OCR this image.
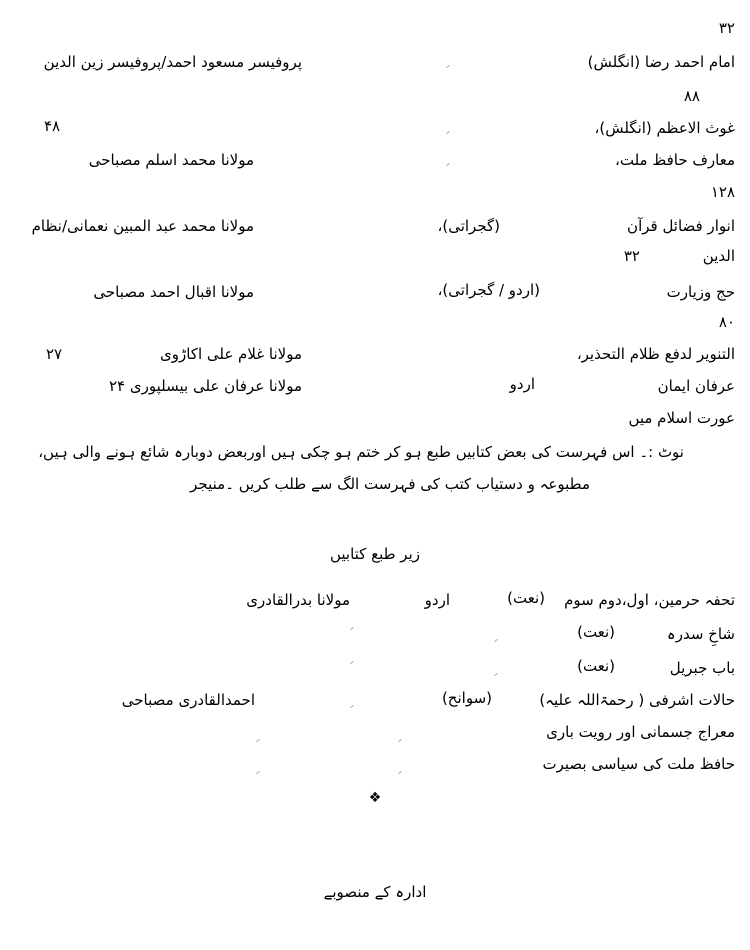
۳۲
امام احمد رضا (انگلش)
پروفیسر مسعود احمد/پروفیسر زین الدین
۸۸
غوث الاعظم (انگلش)،
۴۸
معارف حافظ ملت،
مولانا محمد اسلم مصباحی
۱۲۸
انوار فضائل قرآن
(گجراتی)،
مولانا محمد عبد المبین نعمانی/نظام
الدین
۳۲
حج وزیارت
(اردو / گجراتی)،
مولانا اقبال احمد مصباحی
۸۰
التنویر لدفع ظلام التحذیر،
مولانا غلام علی اکاڑوی
۲۷
عرفان ایمان
اردو
مولانا عرفان علی بیسلپوری ۲۴
عورت اسلام میں
نوٹ :۔ اس فہرست کی بعض کتابیں طبع ہو کر ختم ہو چکی ہیں اوربعض دوبارہ شائع ہونے والی ہیں،
مطبوعہ و دستیاب کتب کی فہرست الگ سے طلب کریں ۔منیجر
زیر طبع کتابیں
تحفہ حرمین، اول،دوم سوم
(نعت)
اردو
مولانا بدرالقادری
شاخِ سدرہ
(نعت)
باب جبریل
(نعت)
حالات اشرفی ( رحمۃاللہ علیہ)
(سوانح)
احمدالقادری مصباحی
معراج جسمانی اور رویت باری
حافظ ملت کی سیاسی بصیرت
❖
ادارہ کے منصوبے
